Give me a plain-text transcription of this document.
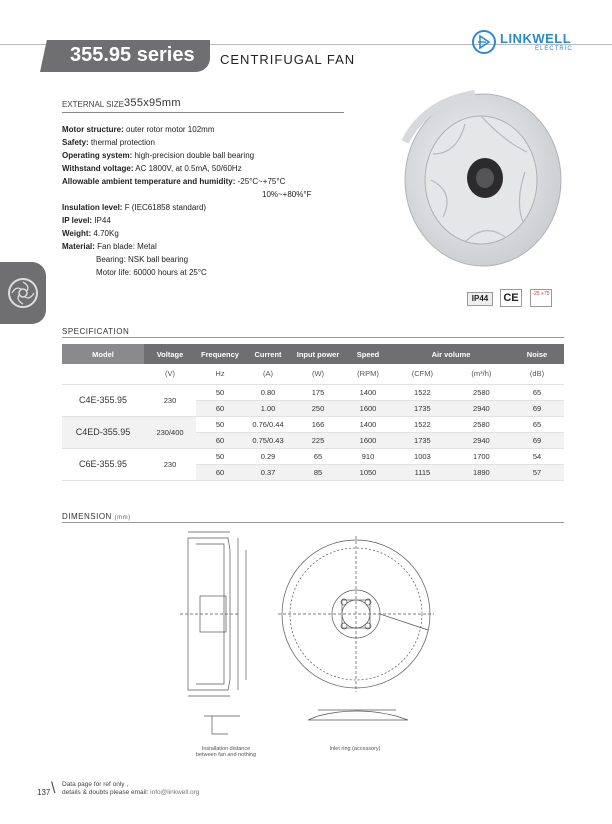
355.95 series CENTRIFUGAL FAN
LINKWELL
ELECTRIC
EXTERNAL SIZE 355x95mm
Motor structure: outer rotor motor 102mm
Safety: thermal protection
Operating system: high-precision double ball bearing
Withstand voltage: AC 1800V, at 0.5mA, 50/60Hz
Allowable ambient temperature and humidity: -25°C~+75°C
10%~+80%°F
Insulation level: F (IEC61858 standard)
IP level: IP44
Weight: 4.70Kg
Material: Fan blade: Metal
Bearing: NSK ball bearing
Motor life: 60000 hours at 25°C
IP44	CE	-25 +75
SPECIFICATION
Model	Voltage	Frequency	Current	Input power	Speed	Air volume		Noise
	(V)	Hz	(A)	(W)	(RPM)	(CFM)	(m³/h)	(dB)
C4E-355.95	230	50	0.80	175	1400	1522	2580	65
		60	1.00	250	1600	1735	2940	69
C4ED-355.95	230/400	50	0.76/0.44	166	1400	1522	2580	65
		60	0.75/0.43	225	1600	1735	2940	69
C6E-355.95	230	50	0.29	65	910	1003	1700	54
		60	0.37	85	1050	1115	1890	57
DIMENSION (mm)
Installation distance
between fan and nothing
Inlet ring (accessory)
137 \ Data page for ref only ,
details & doubts please email: info@linkwell.org
